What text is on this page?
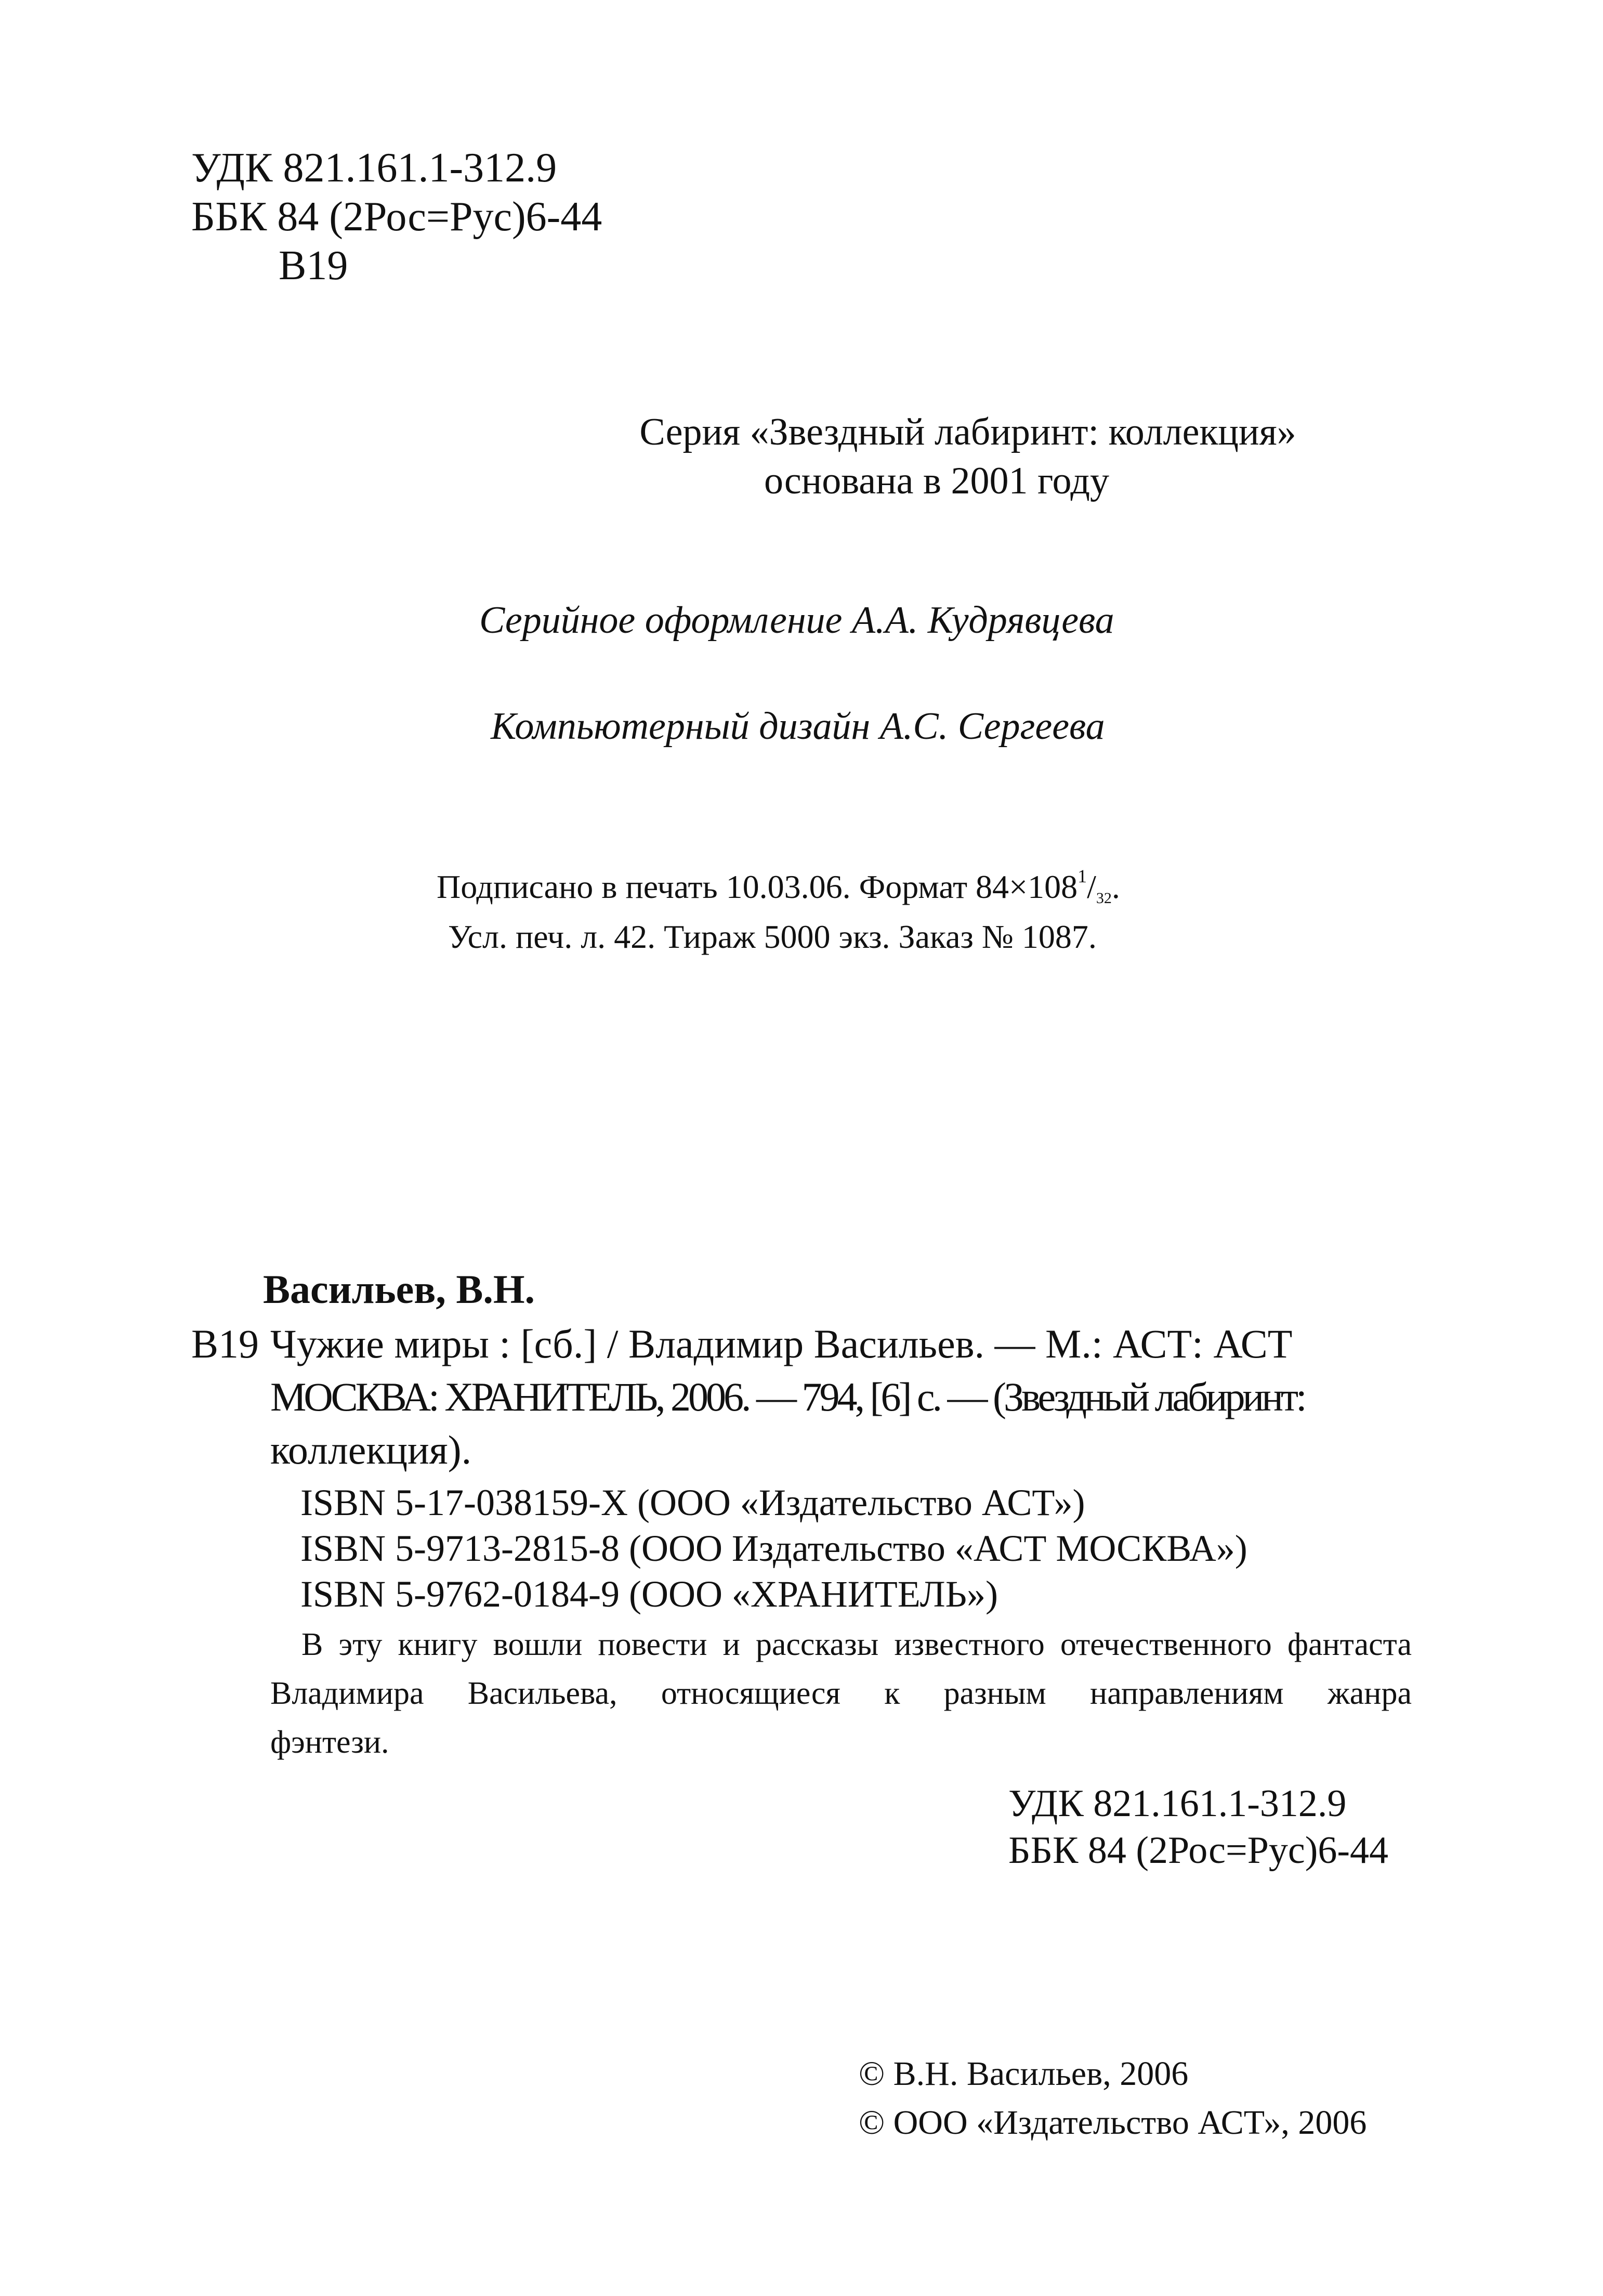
УДК 821.161.1-312.9
ББК 84 (2Рос=Рус)6-44
В19
Серия «Звездный лабиринт: коллекция»
основана в 2001 году
Серийное оформление А.А. Кудрявцева
Компьютерный дизайн А.С. Сергеева
Подписано в печать 10.03.06. Формат $84\times 108^1/_{32}$.
Усл. печ. л. 42. Тираж 5000 экз. Заказ № 1087.
Васильев, В.Н.
В19 Чужие миры : [сб.] / Владимир Васильев. — М.: АСТ: АСТ
МОСКВА: ХРАНИТЕЛЬ, 2006. — 794, [6] с. — (Звездный лабиринт:
коллекция).
ISBN 5-17-038159-X (ООО «Издательство АСТ»)
ISBN 5-9713-2815-8 (ООО Издательство «АСТ МОСКВА»)
ISBN 5-9762-0184-9 (ООО «ХРАНИТЕЛЬ»)
В эту книгу вошли повести и рассказы известного отечественного фантаста Владимира Васильева, относящиеся к разным направлениям жанра
фэнтези.
УДК 821.161.1-312.9
ББК 84 (2Рос=Рус)6-44
© В.Н. Васильев, 2006
© ООО «Издательство АСТ», 2006
